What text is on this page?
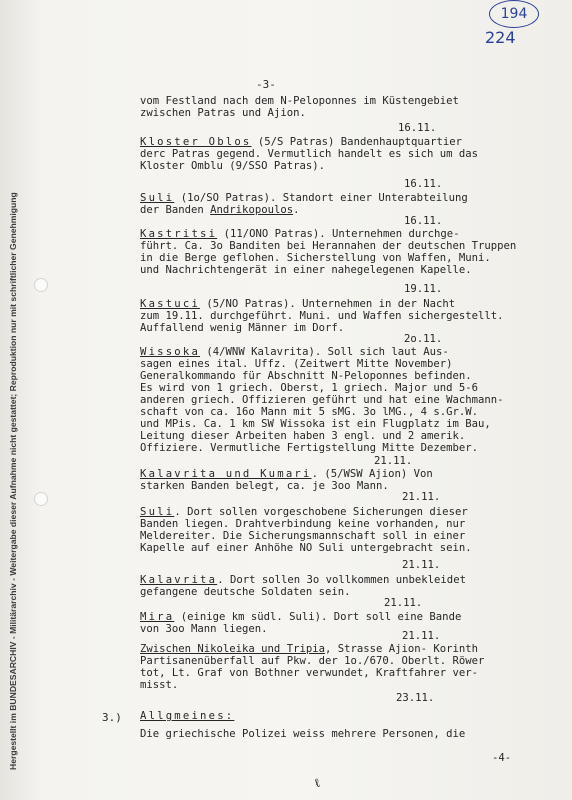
Hergestellt im BUNDESARCHIV - Militärarchiv - Weitergabe dieser Aufnahme nicht gestattet; Reproduktion nur mit schriftlicher Genehmigung
194
224
-3-
vom Festland nach dem N-Peloponnes im Küstengebiet
zwischen Patras und Ajion.
16.11.
Kloster Oblos (5/S Patras) Bandenhauptquartier
derc Patras gegend. Vermutlich handelt es sich um das
Kloster Omblu (9/SSO Patras).
16.11.
Suli (1o/SO Patras). Standort einer Unterabteilung
der Banden Andrikopoulos.
16.11.
Kastritsi (11/ONO Patras). Unternehmen durchge-
führt. Ca. 3o Banditen bei Herannahen der deutschen Truppen
in die Berge geflohen. Sicherstellung von Waffen, Muni.
und Nachrichtengerät in einer nahegelegenen Kapelle.
19.11.
Kastuci (5/NO Patras). Unternehmen in der Nacht
zum 19.11. durchgeführt. Muni. und Waffen sichergestellt.
Auffallend wenig Männer im Dorf.
2o.11.
Wissoka (4/WNW Kalavrita). Soll sich laut Aus-
sagen eines ital. Uffz. (Zeitwert Mitte November)
Generalkommando für Abschnitt N-Peloponnes befinden.
Es wird von 1 griech. Oberst, 1 griech. Major und 5-6
anderen griech. Offizieren geführt und hat eine Wachmann-
schaft von ca. 16o Mann mit 5 sMG. 3o lMG., 4 s.Gr.W.
und MPis. Ca. 1 km SW Wissoka ist ein Flugplatz im Bau,
Leitung dieser Arbeiten haben 3 engl. und 2 amerik.
Offiziere. Vermutliche Fertigstellung Mitte Dezember.
21.11.
Kalavrita und Kumari. (5/WSW Ajion) Von
starken Banden belegt, ca. je 3oo Mann.
21.11.
Suli. Dort sollen vorgeschobene Sicherungen dieser
Banden liegen. Drahtverbindung keine vorhanden, nur
Meldereiter. Die Sicherungsmannschaft soll in einer
Kapelle auf einer Anhöhe NO Suli untergebracht sein.
21.11.
Kalavrita. Dort sollen 3o vollkommen unbekleidet
gefangene deutsche Soldaten sein.
21.11.
Mira (einige km südl. Suli). Dort soll eine Bande
von 3oo Mann liegen.
21.11.
Zwischen Nikoleika und Tripia, Strasse Ajion- Korinth
Partisanenüberfall auf Pkw. der 1o./670. Oberlt. Röwer
tot, Lt. Graf von Bothner verwundet, Kraftfahrer ver-
misst.
23.11.
3.) Allgmeines:
Die griechische Polizei weiss mehrere Personen, die
-4-
ℓ
